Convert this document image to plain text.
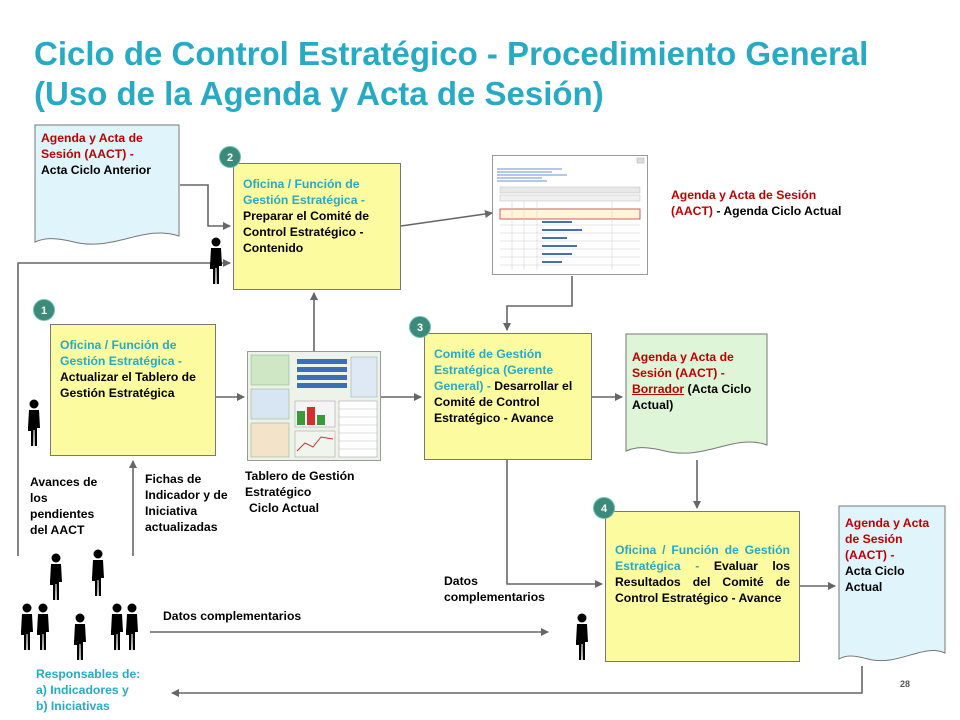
Ciclo de Control Estratégico - Procedimiento General (Uso de la Agenda y Acta de Sesión)
Agenda y Acta de Sesión (AACT) -
Acta Ciclo Anterior
Oficina / Función de Gestión Estratégica - Preparar el Comité de Control Estratégico - Contenido
2
Oficina / Función de Gestión Estratégica - Actualizar el Tablero de Gestión Estratégica
1
Comité de Gestión Estratégica (Gerente General) - Desarrollar el Comité de Control Estratégico - Avance
3
Oficina / Función de Gestión Estratégica - Evaluar los Resultados del Comité de Control Estratégico - Avance
4
Agenda y Acta de Sesión (AACT) - Agenda Ciclo Actual
Agenda y Acta de Sesión (AACT) - Borrador (Acta Ciclo Actual)
Agenda y Acta de Sesión (AACT) -
Acta Ciclo Actual
Avances de los pendientes del AACT
Fichas de Indicador y de Iniciativa actualizadas
Tablero de Gestión Estratégico
Ciclo Actual
Datos complementarios
Datos complementarios
Responsables de:
a) Indicadores y
b) Iniciativas
28
